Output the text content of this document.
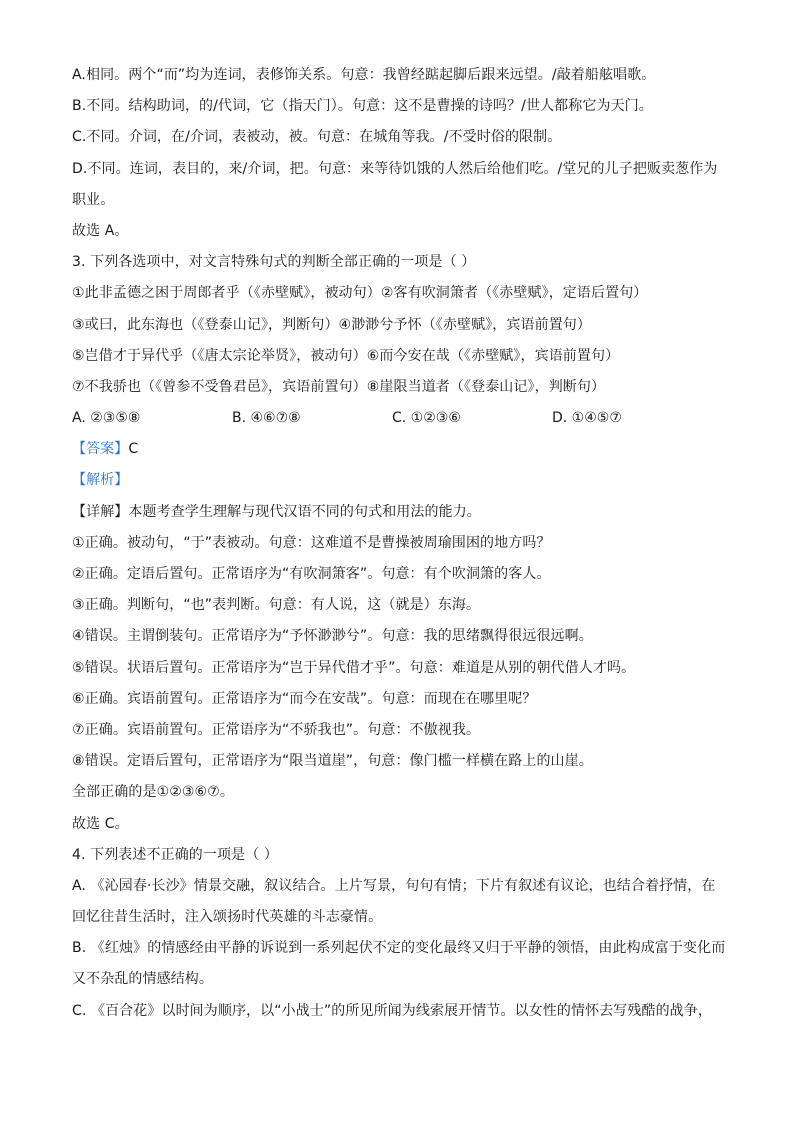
A.相同。两个“而”均为连词，表修饰关系。句意：我曾经踮起脚后跟来远望。/敲着船舷唱歌。
B.不同。结构助词，的/代词，它（指天门）。句意：这不是曹操的诗吗？/世人都称它为天门。
C.不同。介词，在/介词，表被动，被。句意：在城角等我。/不受时俗的限制。
D.不同。连词，表目的，来/介词，把。句意：来等待饥饿的人然后给他们吃。/堂兄的儿子把贩卖葱作为
职业。
故选 A。
3. 下列各选项中，对文言特殊句式的判断全部正确的一项是（ ）
①此非孟德之困于周郎者乎（《赤壁赋》，被动句）②客有吹洞箫者（《赤壁赋》，定语后置句）
③或曰，此东海也（《登泰山记》，判断句）④渺渺兮予怀（《赤壁赋》，宾语前置句）
⑤岂借才于异代乎（《唐太宗论举贤》，被动句）⑥而今安在哉（《赤壁赋》，宾语前置句）
⑦不我骄也（《曾参不受鲁君邑》，宾语前置句）⑧崖限当道者（《登泰山记》，判断句）
A. ②③⑤⑧	B. ④⑥⑦⑧	C. ①②③⑥	D. ①④⑤⑦
【答案】C
【解析】
【详解】本题考查学生理解与现代汉语不同的句式和用法的能力。
①正确。被动句，“于”表被动。句意：这难道不是曹操被周瑜围困的地方吗？
②正确。定语后置句。正常语序为“有吹洞箫客”。句意：有个吹洞箫的客人。
③正确。判断句，“也”表判断。句意：有人说，这（就是）东海。
④错误。主谓倒装句。正常语序为“予怀渺渺兮”。句意：我的思绪飘得很远很远啊。
⑤错误。状语后置句。正常语序为“岂于异代借才乎”。句意：难道是从别的朝代借人才吗。
⑥正确。宾语前置句。正常语序为“而今在安哉”。句意：而现在在哪里呢？
⑦正确。宾语前置句。正常语序为“不骄我也”。句意：不傲视我。
⑧错误。定语后置句，正常语序为“限当道崖”，句意：像门槛一样横在路上的山崖。
全部正确的是①②③⑥⑦。
故选 C。
4. 下列表述不正确的一项是（ ）
A. 《沁园春·长沙》情景交融，叙议结合。上片写景，句句有情；下片有叙述有议论，也结合着抒情，在
回忆往昔生活时，注入颂扬时代英雄的斗志豪情。
B. 《红烛》的情感经由平静的诉说到一系列起伏不定的变化最终又归于平静的领悟，由此构成富于变化而
又不杂乱的情感结构。
C. 《百合花》以时间为顺序，以“小战士”的所见所闻为线索展开情节。以女性的情怀去写残酷的战争，
